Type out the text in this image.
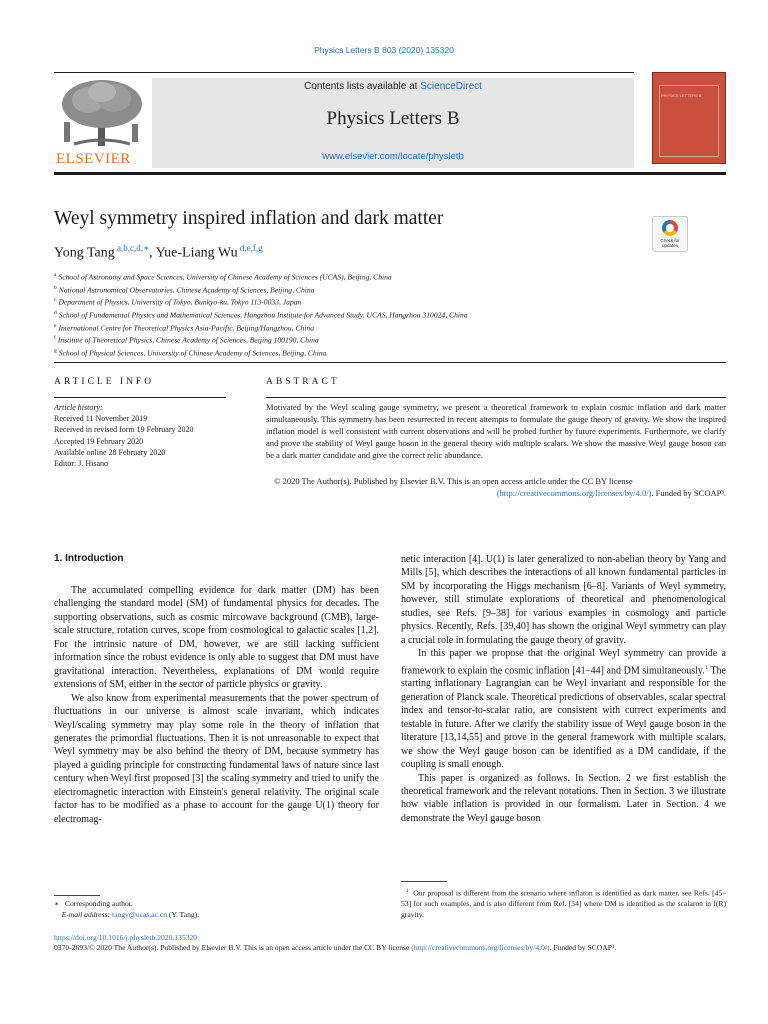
Physics Letters B 803 (2020) 135320
ELSEVIER
Contents lists available at ScienceDirect
Physics Letters B
www.elsevier.com/locate/physletb
PHYSICS LETTERS B
Weyl symmetry inspired inflation and dark matter
Check for updates
Yong Tang $^{a,b,c,d,∗}$, Yue-Liang Wu $^{d,e,f,g}$
$^a$ School of Astronomy and Space Sciences, University of Chinese Academy of Sciences (UCAS), Beijing, China
$^b$ National Astronomical Observatories, Chinese Academy of Sciences, Beijing, China
$^c$ Department of Physics, University of Tokyo, Bunkyo-ku, Tokyo 113-0033, Japan
$^d$ School of Fundamental Physics and Mathematical Sciences, Hangzhou Institute for Advanced Study, UCAS, Hangzhou 310024, China
$^e$ International Centre for Theoretical Physics Asia-Pacific, Beijing/Hangzhou, China
$^f$ Institute of Theoretical Physics, Chinese Academy of Sciences, Beijing 100190, China
$^g$ School of Physical Sciences, University of Chinese Academy of Sciences, Beijing, China
ARTICLE INFO	ABSTRACT
Article history:
Received 11 November 2019
Received in revised form 19 February 2020
Accepted 19 February 2020
Available online 28 February 2020
Editor: J. Hisano
Motivated by the Weyl scaling gauge symmetry, we present a theoretical framework to explain cosmic inflation and dark matter simultaneously. This symmetry has been resurrected in recent attempts to formulate the gauge theory of gravity. We show the inspired inflation model is well consistent with current observations and will be probed further by future experiments. Furthermore, we clarify and prove the stability of Weyl gauge boson in the general theory with multiple scalars. We show the massive Weyl gauge boson can be a dark matter candidate and give the correct relic abundance.
© 2020 The Author(s). Published by Elsevier B.V. This is an open access article under the CC BY license
(http://creativecommons.org/licenses/by/4.0/). Funded by SCOAP³.
1. Introduction

The accumulated compelling evidence for dark matter (DM) has been challenging the standard model (SM) of fundamental physics for decades. The supporting observations, such as cosmic mircowave background (CMB), large-scale structure, rotation curves, scope from cosmological to galactic scales [1,2]. For the intrinsic nature of DM, however, we are still lacking sufficient information since the robust evidence is only able to suggest that DM must have gravitational interaction. Nevertheless, explanations of DM would require extensions of SM, either in the sector of particle physics or gravity.

We also know from experimental measurements that the power spectrum of fluctuations in our universe is almost scale invariant, which indicates Weyl/scaling symmetry may play some role in the theory of inflation that generates the primordial fluctuations. Then it is not unreasonable to expect that Weyl symmetry may be also behind the theory of DM, because symmetry has played a guiding principle for constructing fundamental laws of nature since last century when Weyl first proposed [3] the scaling symmetry and tried to unify the electromagnetic interaction with Einstein's general relativity. The original scale factor has to be modified as a phase to account for the gauge U(1) theory for electromag-

netic interaction [4]. U(1) is later generalized to non-abelian theory by Yang and Mills [5], which describes the interactions of all known fundamental particles in SM by incorporating the Higgs mechanism [6–8]. Variants of Weyl symmetry, however, still stimulate explorations of theoretical and phenomenological studies, see Refs. [9–38] for various examples in cosmology and particle physics. Recently, Refs. [39,40] has shown the original Weyl symmetry can play a crucial role in formulating the gauge theory of gravity.

In this paper we propose that the original Weyl symmetry can provide a framework to explain the cosmic inflation [41–44] and DM simultaneously.$^1$ The starting inflationary Lagrangian can be Weyl invariant and responsible for the generation of Planck scale. Theoretical predictions of observables, scalar spectral index and tensor-to-scalar ratio, are consistent with currect experiments and testable in future. After we clarify the stability issue of Weyl gauge boson in the literature [13,14,55] and prove in the general framework with multiple scalars, we show the Weyl gauge boson can be identified as a DM candidate, if the coupling is small enough.

This paper is organized as follows. In Section. 2 we first establish the theoretical framework and the relevant notations. Then in Section. 3 we illustrate how viable inflation is provided in our formalism. Later in Section. 4 we demonstrate the Weyl gauge boson

∗ Corresponding author.
E-mail address: tangy@ucas.ac.cn (Y. Tang).
$^1$ Our proposal is different from the scenario where inflaton is identified as dark matter, see Refs. [45–53] for such examples, and is also different from Ref. [54] where DM is identified as the scalaron in f(R) gravity.
https://doi.org/10.1016/j.physletb.2020.135320
0370-2693/© 2020 The Author(s). Published by Elsevier B.V. This is an open access article under the CC BY license (http://creativecommons.org/licenses/by/4.0/). Funded by SCOAP³.
